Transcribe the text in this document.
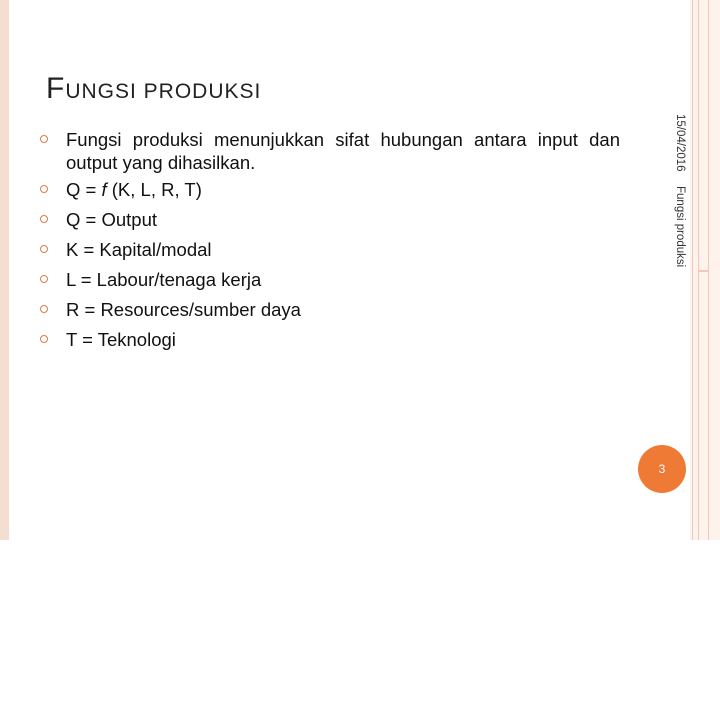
FUNGSI PRODUKSI
Fungsi produksi menunjukkan sifat hubungan antara input dan output yang dihasilkan.
Q = f (K, L, R, T)
Q = Output
K = Kapital/modal
L = Labour/tenaga kerja
R = Resources/sumber daya
T = Teknologi
15/04/2016
Fungsi produksi
3
